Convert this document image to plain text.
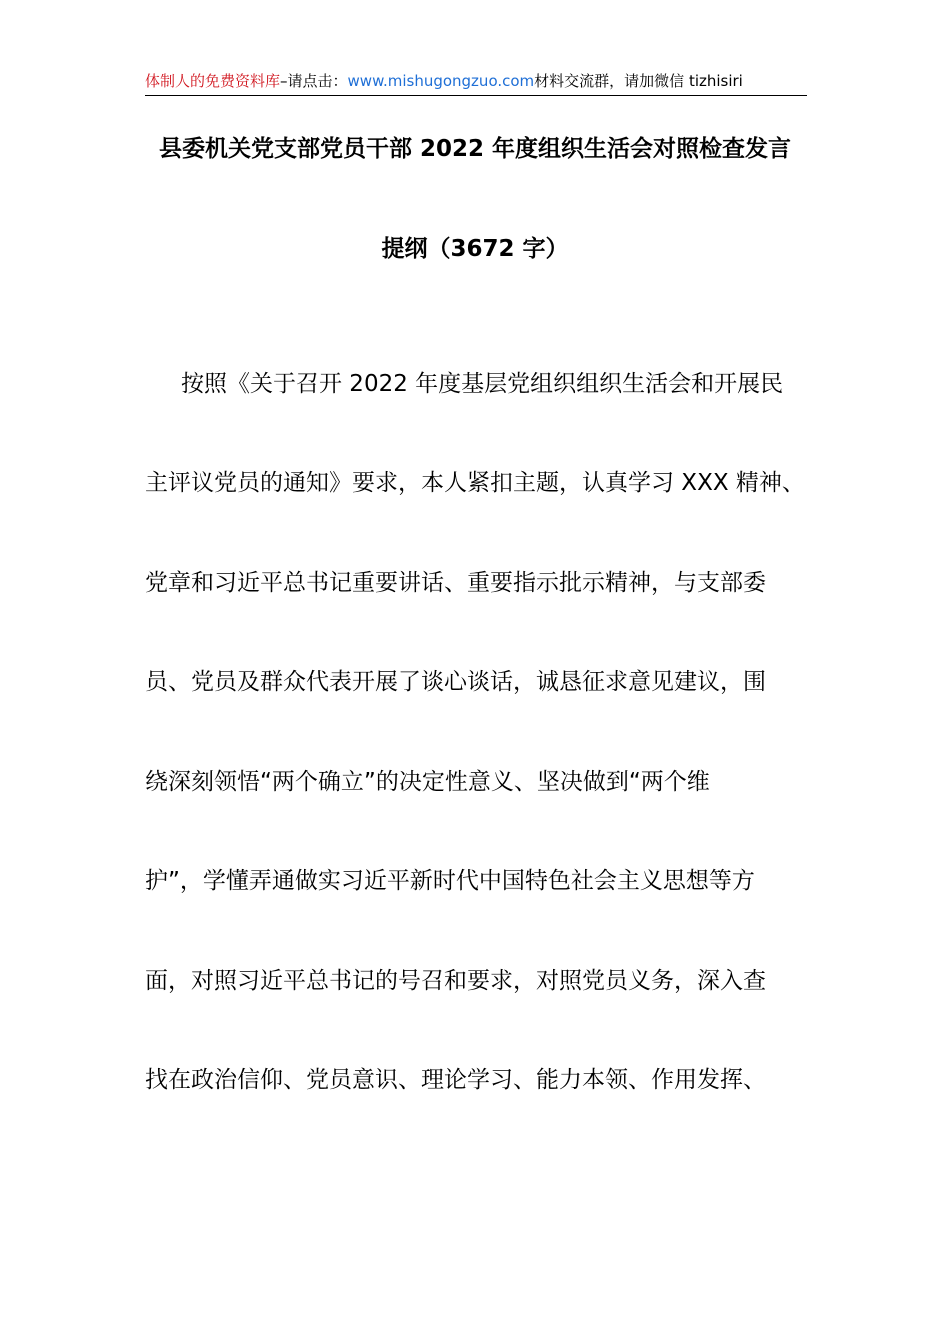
体制人的免费资料库–请点击：www.mishugongzuo.com材料交流群，请加微信 tizhisiri
县委机关党支部党员干部 2022 年度组织生活会对照检查发言
提纲（3672 字）
按照《关于召开 2022 年度基层党组织组织生活会和开展民
主评议党员的通知》要求，本人紧扣主题，认真学习 XXX 精神、
党章和习近平总书记重要讲话、重要指示批示精神，与支部委
员、党员及群众代表开展了谈心谈话，诚恳征求意见建议，围
绕深刻领悟“两个确立”的决定性意义、坚决做到“两个维
护”，学懂弄通做实习近平新时代中国特色社会主义思想等方
面，对照习近平总书记的号召和要求，对照党员义务，深入查
找在政治信仰、党员意识、理论学习、能力本领、作用发挥、
